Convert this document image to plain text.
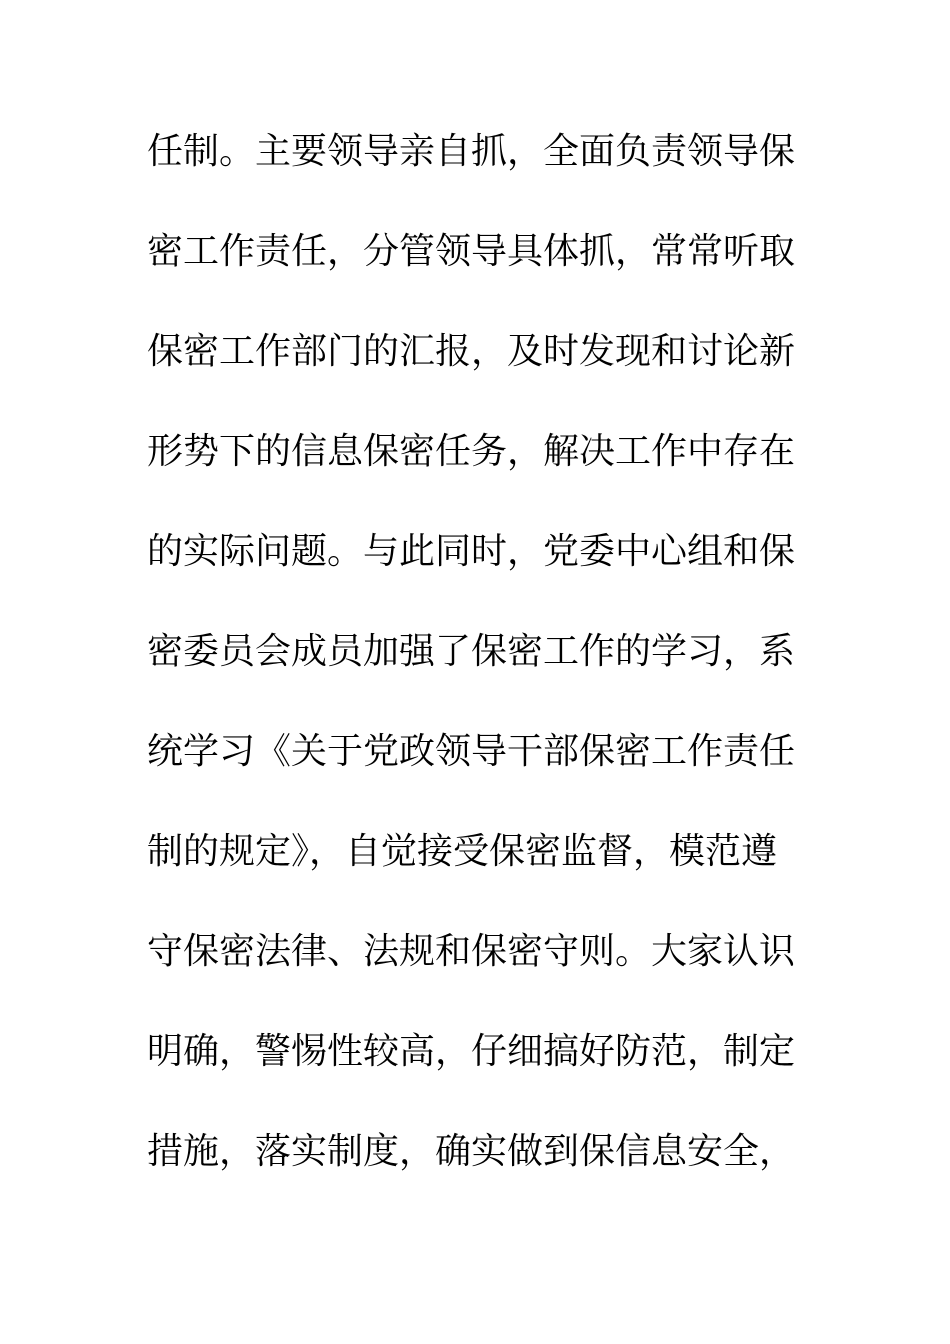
任制。主要领导亲自抓，全面负责领导保
密工作责任，分管领导具体抓，常常听取
保密工作部门的汇报，及时发现和讨论新
形势下的信息保密任务，解决工作中存在
的实际问题。与此同时，党委中心组和保
密委员会成员加强了保密工作的学习，系
统学习《关于党政领导干部保密工作责任
制的规定》，自觉接受保密监督，模范遵
守保密法律、法规和保密守则。大家认识
明确，警惕性较高，仔细搞好防范，制定
措施，落实制度，确实做到保信息安全，
